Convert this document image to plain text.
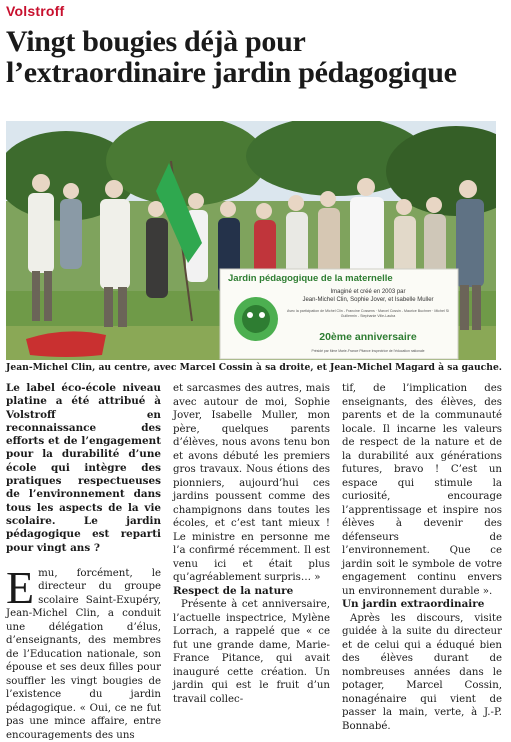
Volstroff
Vingt bougies déjà pour l’extraordinaire jardin pédagogique
Jardin pédagogique de la maternelle
Imaginé et créé en 2003 par
Jean-Michel Clin, Sophie Jover, et Isabelle Muller
Avec la participation de Michel Clin - Francine Cossens · Marcel Cossin - Maurice Buchner · Michel Si Guillermin - Stephanie Ville-Lauba
20ème anniversaire
Présidé par Mme Marie-France Pitance Inspectrice de l’éducation nationale
Jean-Michel Clin, au centre, avec Marcel Cossin à sa droite, et Jean-Michel Magard à sa gauche.

Le label éco-école niveau platine a été attribué à Volstroff en reconnaissance des efforts et de l’engagement pour la durabilité d’une école qui intègre des pratiques respectueuses de l’environnement dans tous les aspects de la vie scolaire. Le jardin pédagogique est reparti pour vingt ans ?

E mu, forcément, le directeur du groupe scolaire Saint-Exupéry, Jean-Michel Clin, a conduit une délégation d’élus, d’enseignants, des membres de l’Education nationale, son épouse et ses deux filles pour souffler les vingt bougies de l’existence du jardin pédagogique. « Oui, ce ne fut pas une mince affaire, entre encouragements des uns

et sarcasmes des autres, mais avec autour de moi, Sophie Jover, Isabelle Muller, mon père, quelques parents d’élèves, nous avons tenu bon et avons débuté les premiers gros travaux. Nous étions des pionniers, aujourd’hui ces jardins poussent comme des champignons dans toutes les écoles, et c’est tant mieux ! Le ministre en personne me l’a confirmé récemment. Il est venu ici et était plus qu’agréablement surpris… »

Respect de la nature

Présente à cet anniversaire, l’actuelle inspectrice, Mylène Lorrach, a rappelé que « ce fut une grande dame, Marie-France Pitance, qui avait inauguré cette création. Un jardin qui est le fruit d’un travail collec-

tif, de l’implication des enseignants, des élèves, des parents et de la communauté locale. Il incarne les valeurs de respect de la nature et de la durabilité aux générations futures, bravo ! C’est un espace qui stimule la curiosité, encourage l’apprentissage et inspire nos élèves à devenir des défenseurs de l’environnement. Que ce jardin soit le symbole de votre engagement continu envers un environnement durable ».

Un jardin extraordinaire

Après les discours, visite guidée à la suite du directeur et de celui qui a éduqué bien des élèves durant de nombreuses années dans le potager, Marcel Cossin, nonagénaire qui vient de passer la main, verte, à J.-P. Bonnabé.
